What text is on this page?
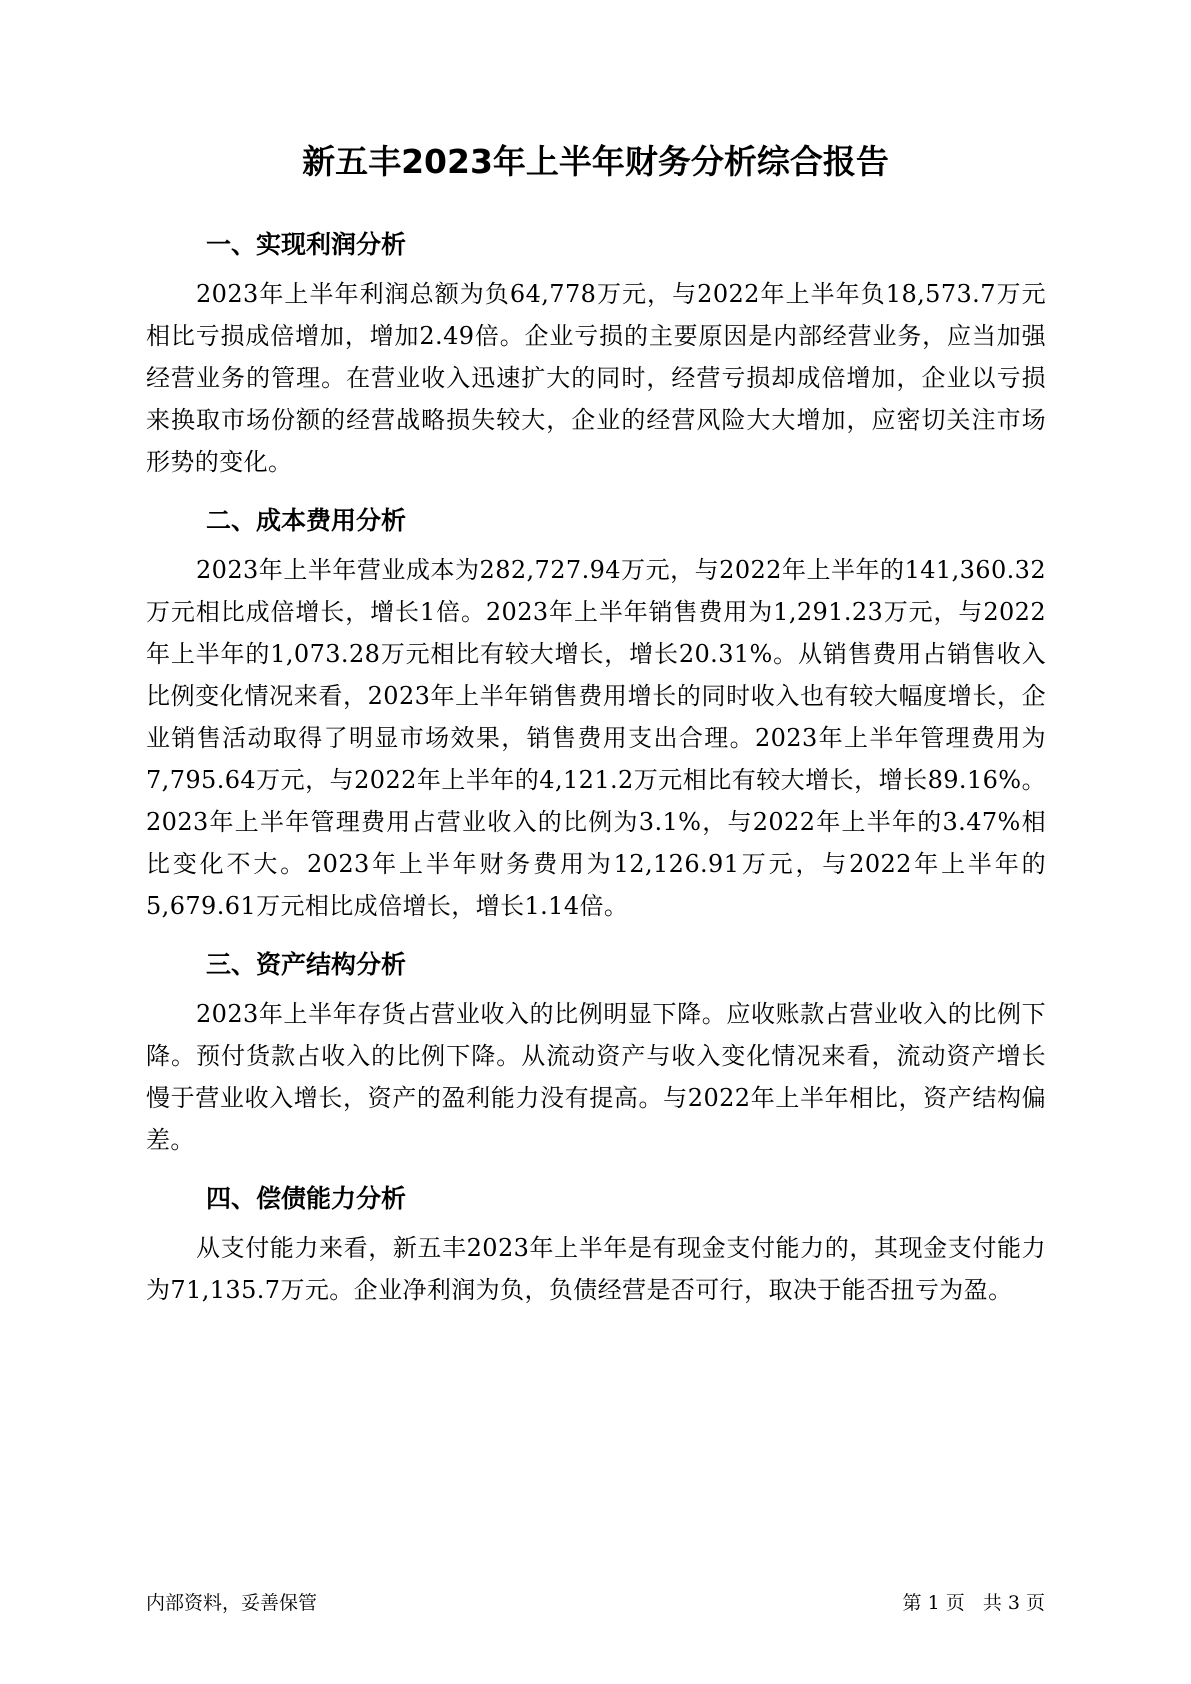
新五丰2023年上半年财务分析综合报告
一、实现利润分析

2023年上半年利润总额为负64,778万元，与2022年上半年负18,573.7万元相比亏损成倍增加，增加2.49倍。企业亏损的主要原因是内部经营业务，应当加强经营业务的管理。在营业收入迅速扩大的同时，经营亏损却成倍增加，企业以亏损来换取市场份额的经营战略损失较大，企业的经营风险大大增加，应密切关注市场形势的变化。

二、成本费用分析

2023年上半年营业成本为282,727.94万元，与2022年上半年的141,360.32万元相比成倍增长，增长1倍。2023年上半年销售费用为1,291.23万元，与2022年上半年的1,073.28万元相比有较大增长，增长20.31%。从销售费用占销售收入比例变化情况来看，2023年上半年销售费用增长的同时收入也有较大幅度增长，企业销售活动取得了明显市场效果，销售费用支出合理。2023年上半年管理费用为7,795.64万元，与2022年上半年的4,121.2万元相比有较大增长，增长89.16%。2023年上半年管理费用占营业收入的比例为3.1%，与2022年上半年的3.47%相比变化不大。2023年上半年财务费用为12,126.91万元，与2022年上半年的5,679.61万元相比成倍增长，增长1.14倍。

三、资产结构分析

2023年上半年存货占营业收入的比例明显下降。应收账款占营业收入的比例下降。预付货款占收入的比例下降。从流动资产与收入变化情况来看，流动资产增长慢于营业收入增长，资产的盈利能力没有提高。与2022年上半年相比，资产结构偏差。

四、偿债能力分析

从支付能力来看，新五丰2023年上半年是有现金支付能力的，其现金支付能力为71,135.7万元。企业净利润为负，负债经营是否可行，取决于能否扭亏为盈。

内部资料，妥善保管	第 1 页   共 3 页
